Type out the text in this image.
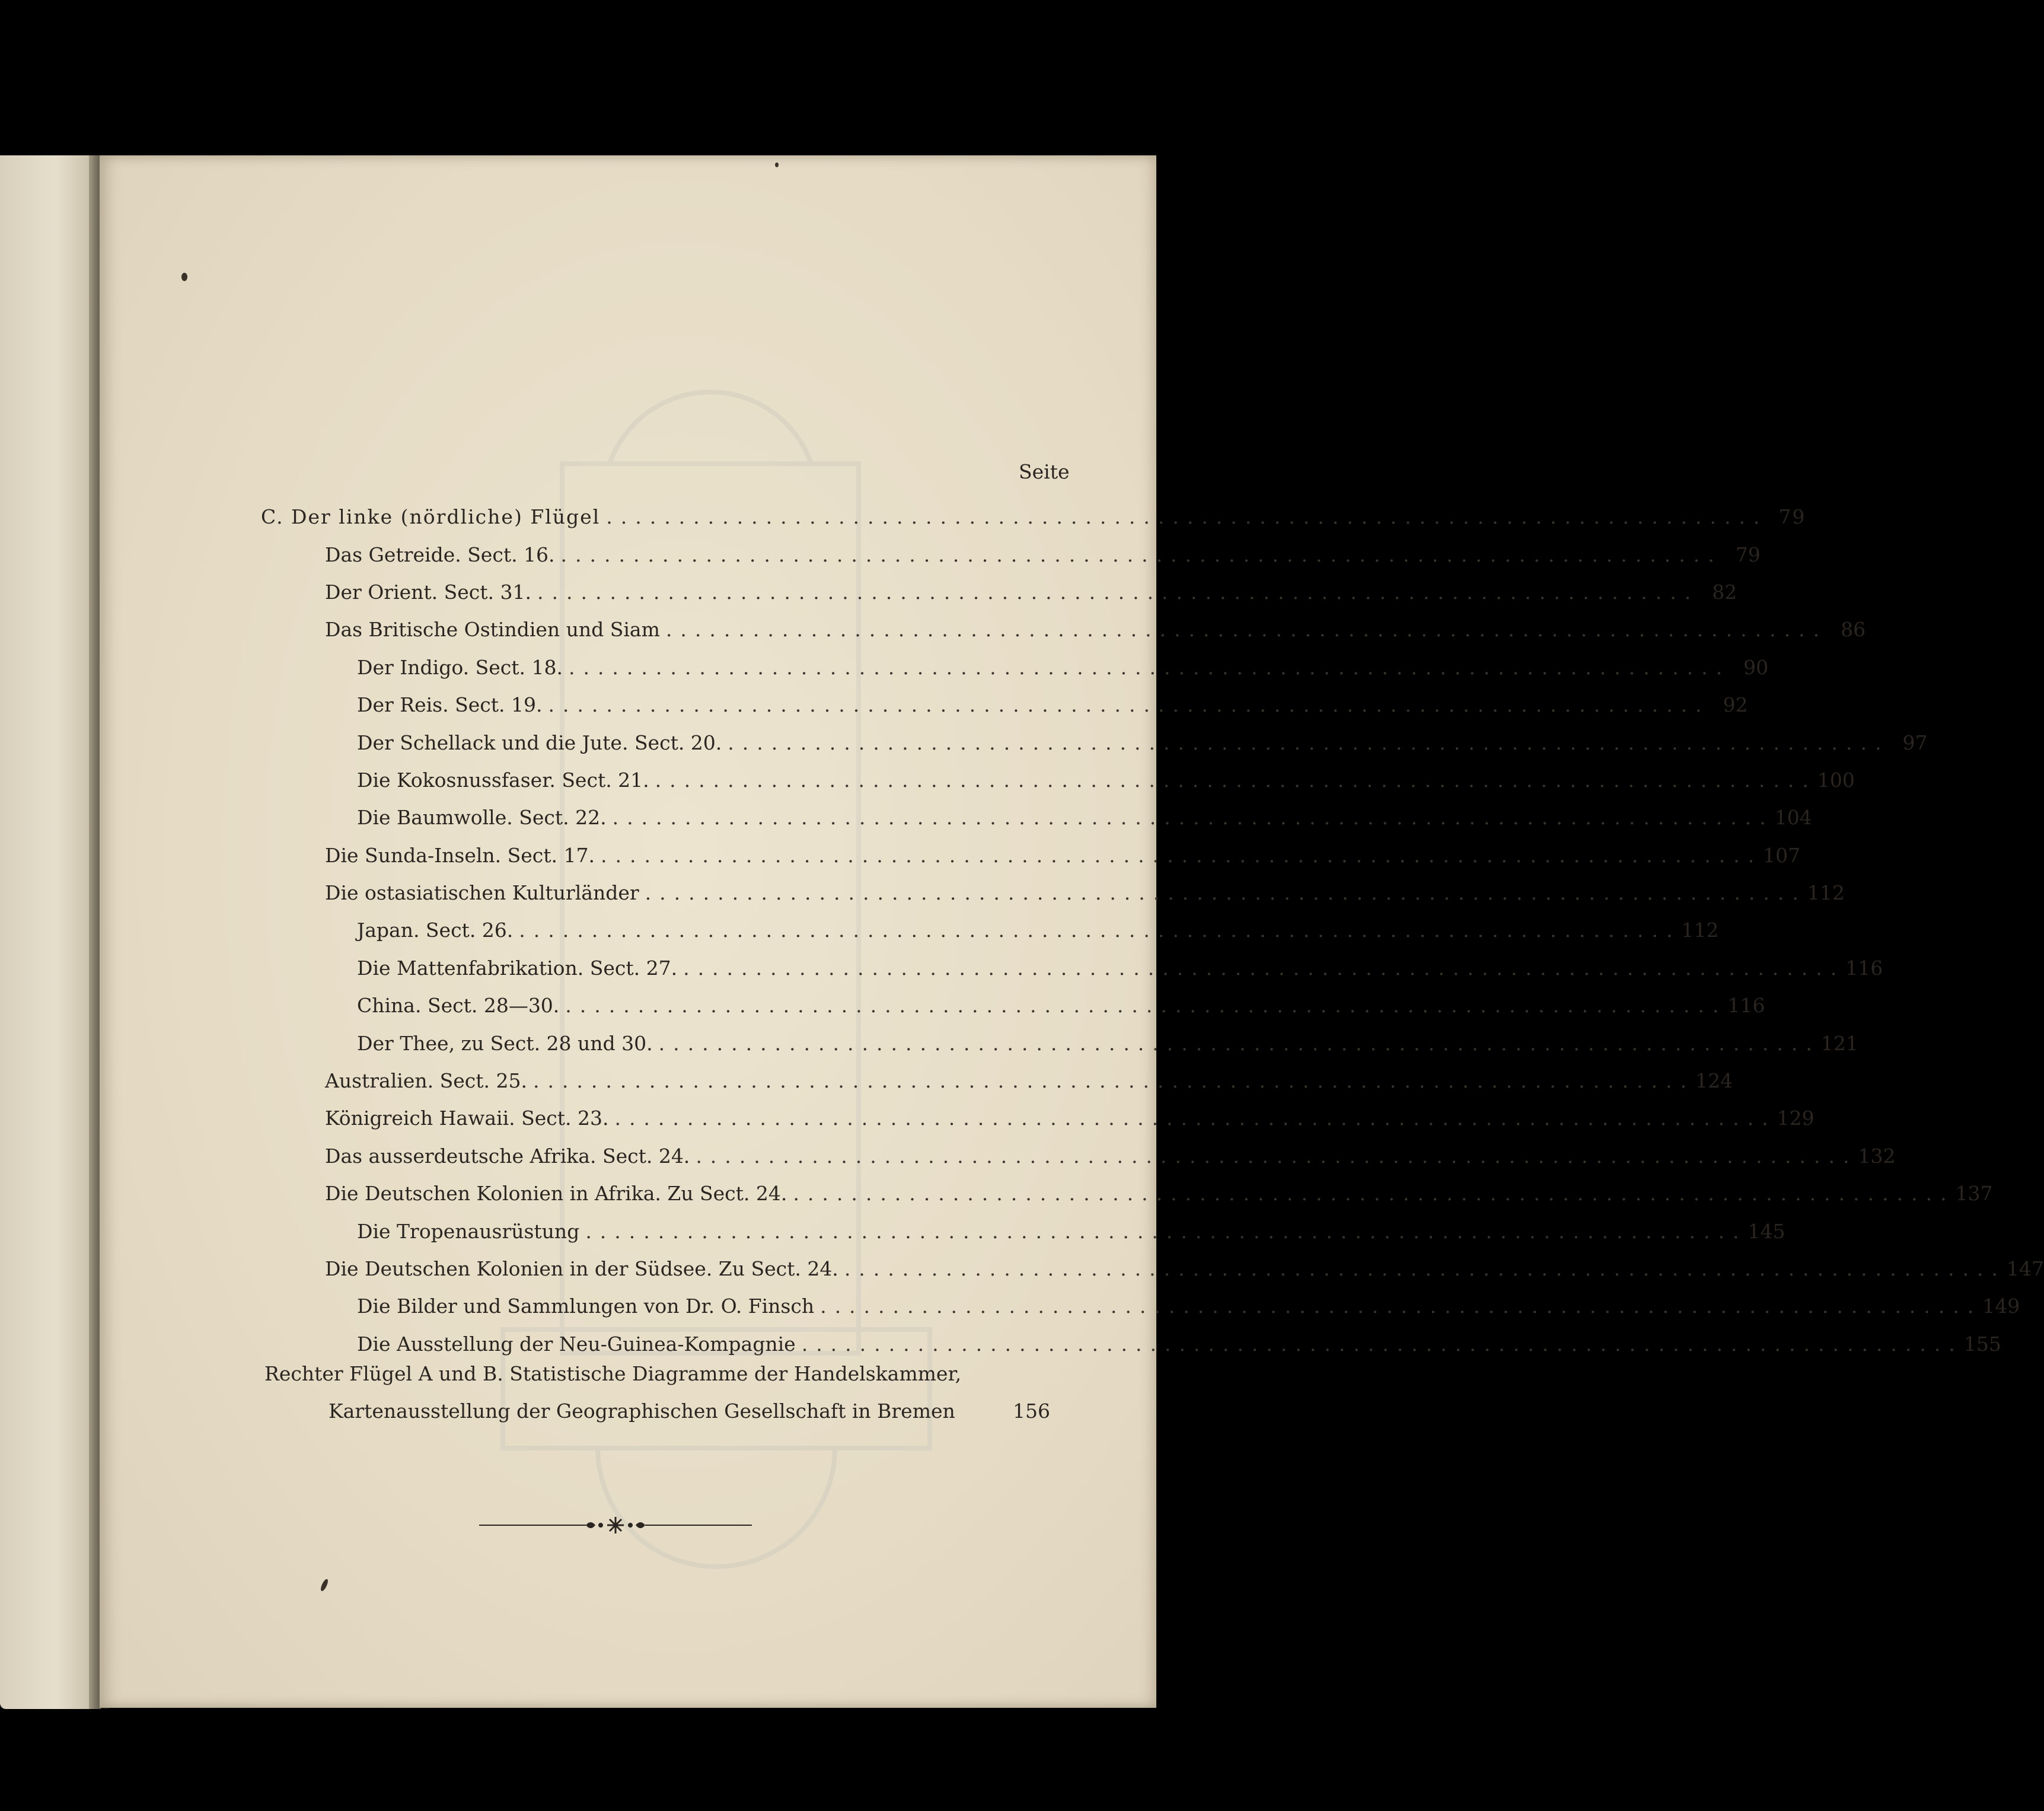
Seite
C. Der linke (nördliche) Flügel ................................................................................ 79
Das Getreide. Sect. 16. ................................................................................ 79
Der Orient. Sect. 31. ................................................................................ 82
Das Britische Ostindien und Siam ................................................................................ 86
Der Indigo. Sect. 18. ................................................................................ 90
Der Reis. Sect. 19. ................................................................................ 92
Der Schellack und die Jute. Sect. 20. ................................................................................ 97
Die Kokosnussfaser. Sect. 21. ................................................................................ 100
Die Baumwolle. Sect. 22. ................................................................................ 104
Die Sunda-Inseln. Sect. 17. ................................................................................ 107
Die ostasiatischen Kulturländer ................................................................................ 112
Japan. Sect. 26. ................................................................................ 112
Die Mattenfabrikation. Sect. 27. ................................................................................ 116
China. Sect. 28—30. ................................................................................ 116
Der Thee, zu Sect. 28 und 30. ................................................................................ 121
Australien. Sect. 25. ................................................................................ 124
Königreich Hawaii. Sect. 23. ................................................................................ 129
Das ausserdeutsche Afrika. Sect. 24. ................................................................................ 132
Die Deutschen Kolonien in Afrika. Zu Sect. 24. ................................................................................ 137
Die Tropenausrüstung ................................................................................ 145
Die Deutschen Kolonien in der Südsee. Zu Sect. 24. ................................................................................ 147
Die Bilder und Sammlungen von Dr. O. Finsch ................................................................................ 149
Die Ausstellung der Neu-Guinea-Kompagnie ................................................................................ 155
Rechter Flügel A und B. Statistische Diagramme der Handelskammer,
Kartenausstellung der Geographischen Gesellschaft in Bremen	156
